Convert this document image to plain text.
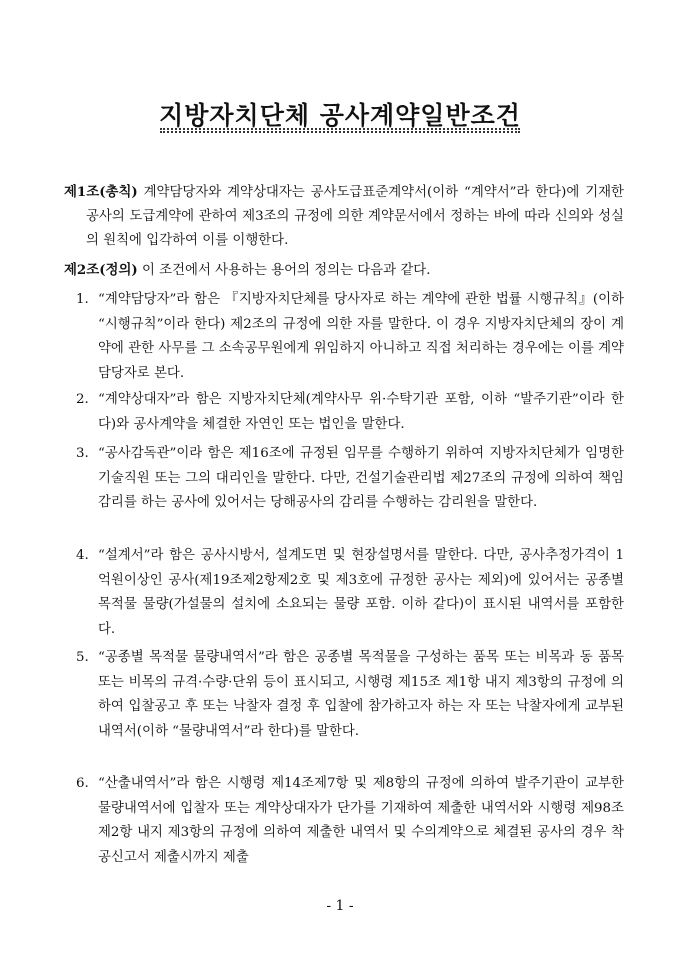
지방자치단체 공사계약일반조건

제1조(총칙) 계약담당자와 계약상대자는 공사도급표준계약서(이하 “계약서”라 한다)에 기재한 공사의 도급계약에 관하여 제3조의 규정에 의한 계약문서에서 정하는 바에 따라 신의와 성실의 원칙에 입각하여 이를 이행한다.

제2조(정의) 이 조건에서 사용하는 용어의 정의는 다음과 같다.

1. “계약담당자”라 함은 『지방자치단체를 당사자로 하는 계약에 관한 법률 시행규칙』(이하 “시행규칙”이라 한다) 제2조의 규정에 의한 자를 말한다. 이 경우 지방자치단체의 장이 계약에 관한 사무를 그 소속공무원에게 위임하지 아니하고 직접 처리하는 경우에는 이를 계약담당자로 본다.
2. “계약상대자”라 함은 지방자치단체(계약사무 위·수탁기관 포함, 이하 “발주기관”이라 한다)와 공사계약을 체결한 자연인 또는 법인을 말한다.
3. “공사감독관”이라 함은 제16조에 규정된 임무를 수행하기 위하여 지방자치단체가 임명한 기술직원 또는 그의 대리인을 말한다. 다만, 건설기술관리법 제27조의 규정에 의하여 책임감리를 하는 공사에 있어서는 당해공사의 감리를 수행하는 감리원을 말한다.
4. “설계서”라 함은 공사시방서, 설계도면 및 현장설명서를 말한다. 다만, 공사추정가격이 1억원이상인 공사(제19조제2항제2호 및 제3호에 규정한 공사는 제외)에 있어서는 공종별 목적물 물량(가설물의 설치에 소요되는 물량 포함. 이하 같다)이 표시된 내역서를 포함한다.
5. “공종별 목적물 물량내역서”라 함은 공종별 목적물을 구성하는 품목 또는 비목과 동 품목 또는 비목의 규격·수량·단위 등이 표시되고, 시행령 제15조 제1항 내지 제3항의 규정에 의하여 입찰공고 후 또는 낙찰자 결정 후 입찰에 참가하고자 하는 자 또는 낙찰자에게 교부된 내역서(이하 “물량내역서”라 한다)를 말한다.
6. “산출내역서”라 함은 시행령 제14조제7항 및 제8항의 규정에 의하여 발주기관이 교부한 물량내역서에 입찰자 또는 계약상대자가 단가를 기재하여 제출한 내역서와 시행령 제98조제2항 내지 제3항의 규정에 의하여 제출한 내역서 및 수의계약으로 체결된 공사의 경우 착공신고서 제출시까지 제출
- 1 -
